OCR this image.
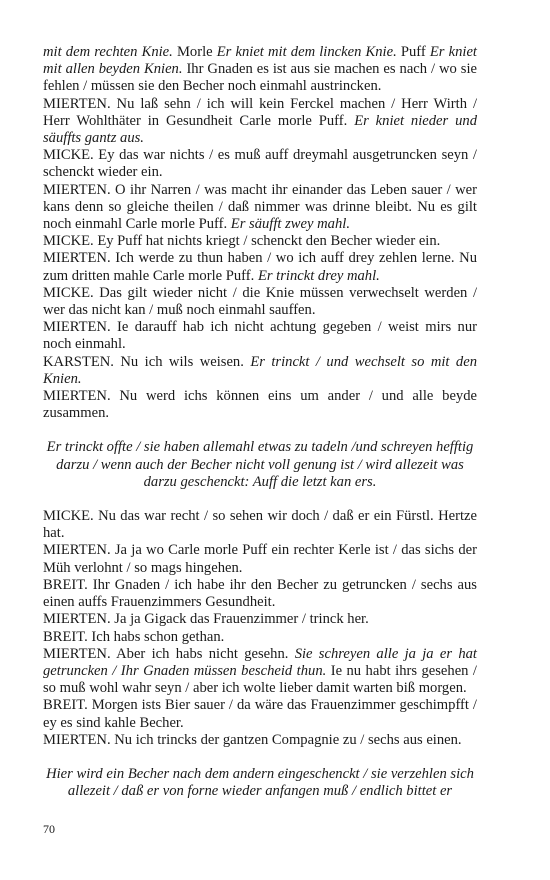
mit dem rechten Knie. Morle Er kniet mit dem lincken Knie. Puff Er kniet mit allen beyden Knien. Ihr Gnaden es ist aus sie machen es nach / wo sie fehlen / müssen sie den Becher noch einmahl austrincken.

MIERTEN. Nu laß sehn / ich will kein Ferckel machen / Herr Wirth / Herr Wohlthäter in Gesundheit Carle morle Puff. Er kniet nieder und säuffts gantz aus.

MICKE. Ey das war nichts / es muß auff dreymahl ausgetruncken seyn / schenckt wieder ein.

MIERTEN. O ihr Narren / was macht ihr einander das Leben sauer / wer kans denn so gleiche theilen / daß nimmer was drinne bleibt. Nu es gilt noch einmahl Carle morle Puff. Er säufft zwey mahl.

MICKE. Ey Puff hat nichts kriegt / schenckt den Becher wieder ein.

MIERTEN. Ich werde zu thun haben / wo ich auff drey zehlen lerne. Nu zum dritten mahle Carle morle Puff. Er trinckt drey mahl.

MICKE. Das gilt wieder nicht / die Knie müssen verwechselt werden / wer das nicht kan / muß noch einmahl sauffen.

MIERTEN. Ie darauff hab ich nicht achtung gegeben / weist mirs nur noch einmahl.

KARSTEN. Nu ich wils weisen. Er trinckt / und wechselt so mit den Knien.

MIERTEN. Nu werd ichs können eins um ander / und alle beyde zusammen.

Er trinckt offte / sie haben allemahl etwas zu tadeln /und schreyen hefftig darzu / wenn auch der Becher nicht voll genung ist / wird allezeit was darzu geschenckt: Auff die letzt kan ers.

MICKE. Nu das war recht / so sehen wir doch / daß er ein Fürstl. Hertze hat.

MIERTEN. Ja ja wo Carle morle Puff ein rechter Kerle ist / das sichs der Müh verlohnt / so mags hingehen.

BREIT. Ihr Gnaden / ich habe ihr den Becher zu getruncken / sechs aus einen auffs Frauenzimmers Gesundheit.

MIERTEN. Ja ja Gigack das Frauenzimmer / trinck her.

BREIT. Ich habs schon gethan.

MIERTEN. Aber ich habs nicht gesehn. Sie schreyen alle ja ja er hat getruncken / Ihr Gnaden müssen bescheid thun. Ie nu habt ihrs gesehen / so muß wohl wahr seyn / aber ich wolte lieber damit warten biß morgen.

BREIT. Morgen ists Bier sauer / da wäre das Frauenzimmer geschimpfft / ey es sind kahle Becher.

MIERTEN. Nu ich trincks der gantzen Compagnie zu / sechs aus einen.

Hier wird ein Becher nach dem andern eingeschenckt / sie verzehlen sich allezeit / daß er von forne wieder anfangen muß / endlich bittet er

70
